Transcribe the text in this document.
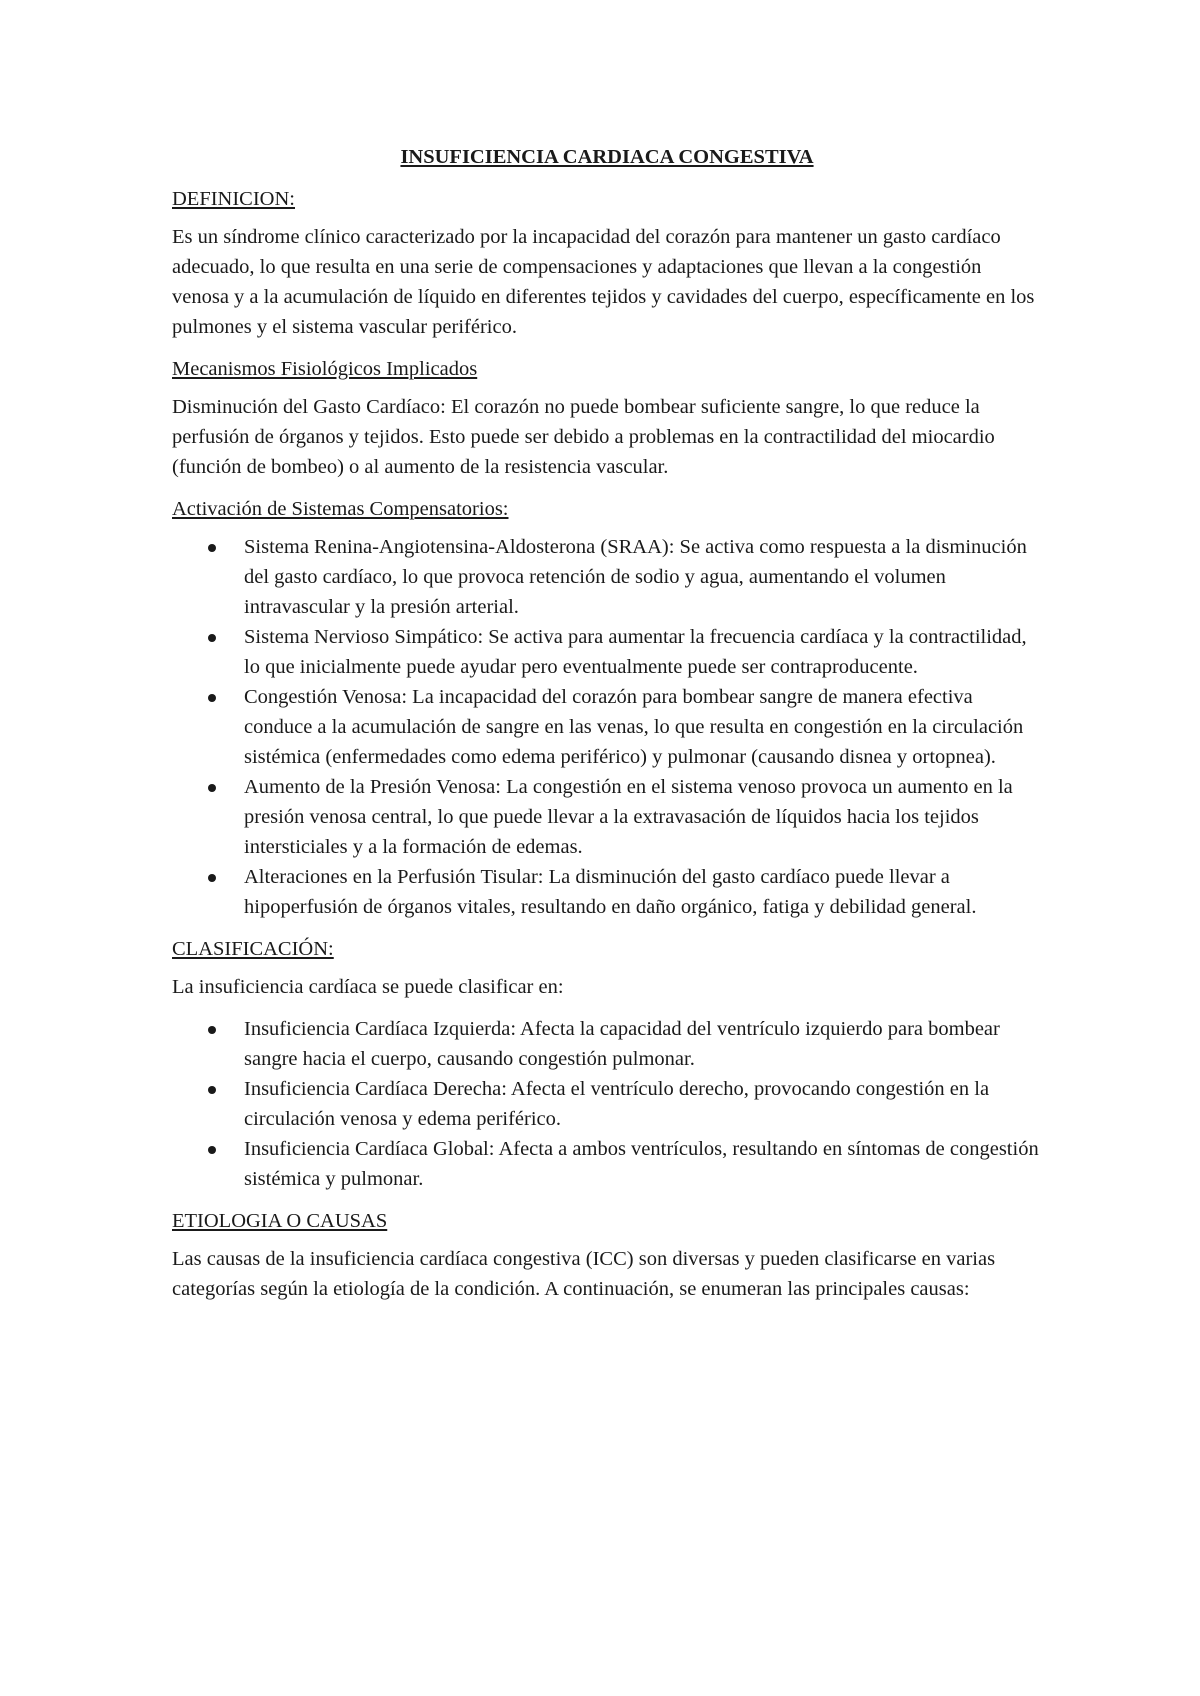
INSUFICIENCIA CARDIACA CONGESTIVA
DEFINICION:

Es un síndrome clínico caracterizado por la incapacidad del corazón para mantener un gasto cardíaco adecuado, lo que resulta en una serie de compensaciones y adaptaciones que llevan a la congestión venosa y a la acumulación de líquido en diferentes tejidos y cavidades del cuerpo, específicamente en los pulmones y el sistema vascular periférico.

Mecanismos Fisiológicos Implicados

Disminución del Gasto Cardíaco: El corazón no puede bombear suficiente sangre, lo que reduce la perfusión de órganos y tejidos. Esto puede ser debido a problemas en la contractilidad del miocardio (función de bombeo) o al aumento de la resistencia vascular.

Activación de Sistemas Compensatorios:
Sistema Renina-Angiotensina-Aldosterona (SRAA): Se activa como respuesta a la disminución del gasto cardíaco, lo que provoca retención de sodio y agua, aumentando el volumen intravascular y la presión arterial.
Sistema Nervioso Simpático: Se activa para aumentar la frecuencia cardíaca y la contractilidad, lo que inicialmente puede ayudar pero eventualmente puede ser contraproducente.
Congestión Venosa: La incapacidad del corazón para bombear sangre de manera efectiva conduce a la acumulación de sangre en las venas, lo que resulta en congestión en la circulación sistémica (enfermedades como edema periférico) y pulmonar (causando disnea y ortopnea).
Aumento de la Presión Venosa: La congestión en el sistema venoso provoca un aumento en la presión venosa central, lo que puede llevar a la extravasación de líquidos hacia los tejidos intersticiales y a la formación de edemas.
Alteraciones en la Perfusión Tisular: La disminución del gasto cardíaco puede llevar a hipoperfusión de órganos vitales, resultando en daño orgánico, fatiga y debilidad general.
CLASIFICACIÓN:

La insuficiencia cardíaca se puede clasificar en:

Insuficiencia Cardíaca Izquierda: Afecta la capacidad del ventrículo izquierdo para bombear sangre hacia el cuerpo, causando congestión pulmonar.
Insuficiencia Cardíaca Derecha: Afecta el ventrículo derecho, provocando congestión en la circulación venosa y edema periférico.
Insuficiencia Cardíaca Global: Afecta a ambos ventrículos, resultando en síntomas de congestión sistémica y pulmonar.
ETIOLOGIA O CAUSAS

Las causas de la insuficiencia cardíaca congestiva (ICC) son diversas y pueden clasificarse en varias categorías según la etiología de la condición. A continuación, se enumeran las principales causas:
